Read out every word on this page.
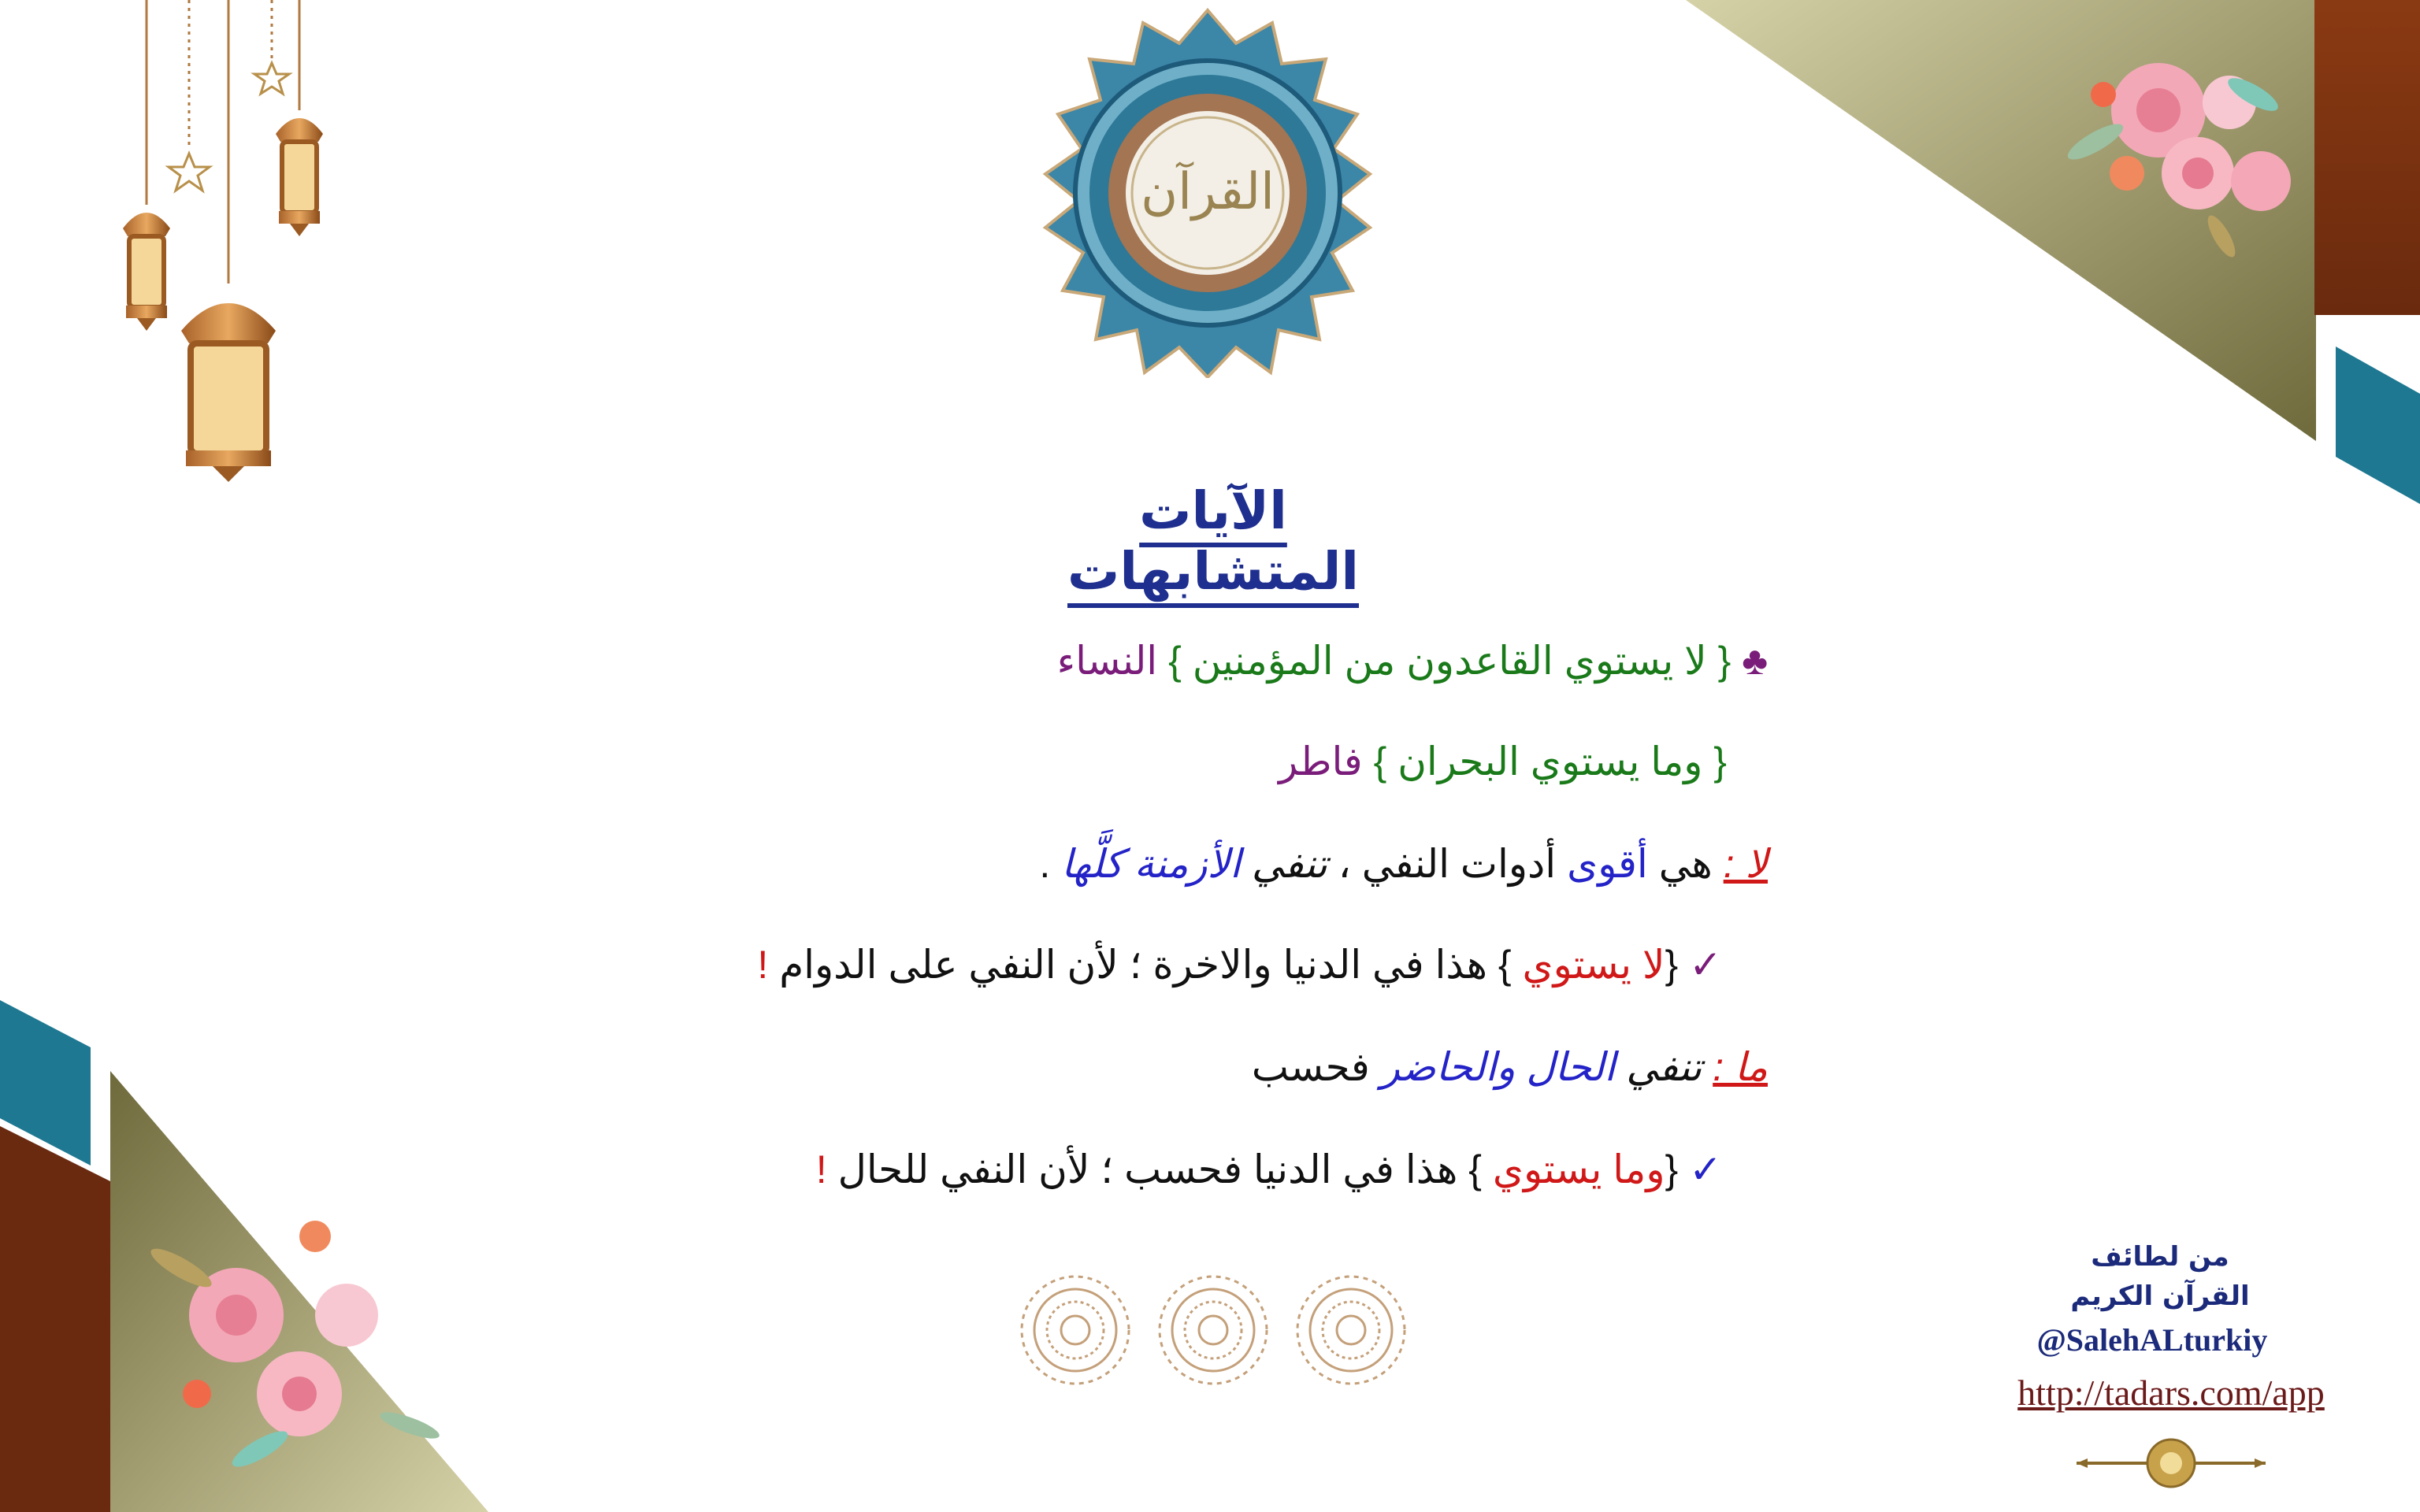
القرآن
الآيات المتشابهات
♣ { لا يستوي القاعدون من المؤمنين } النساء
{ وما يستوي البحران } فاطر
لا : هي أقوى أدوات النفي ، تنفي الأزمنة كلَّها .
✓ {لا يستوي } هذا في الدنيا والاخرة ؛ لأن النفي على الدوام !
ما : تنفي الحال والحاضر فحسب
✓ {وما يستوي } هذا في الدنيا فحسب ؛ لأن النفي للحال !
من لطائف
القرآن الكريم
@SalehALturkiy
http://tadars.com/app
